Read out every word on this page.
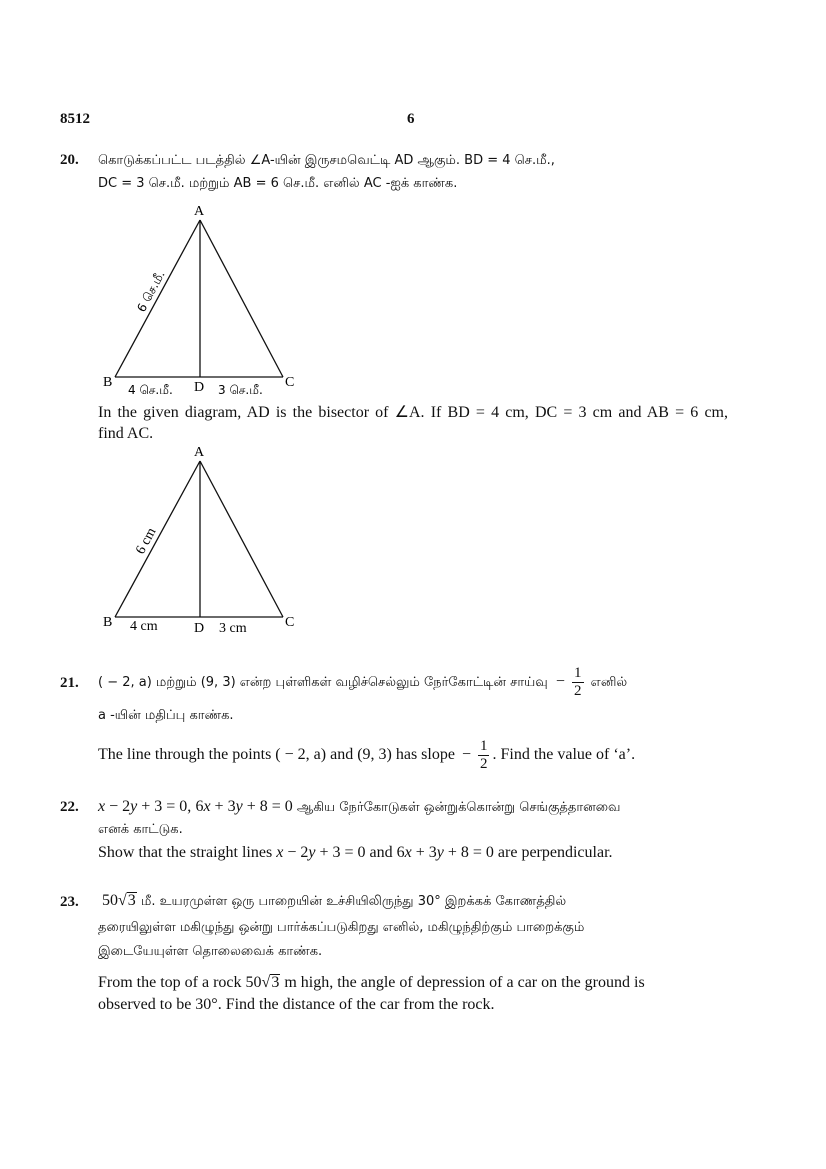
8512	6
20. கொடுக்கப்பட்ட படத்தில் ∠A-யின் இருசமவெட்டி AD ஆகும். BD = 4 செ.மீ.,
DC = 3 செ.மீ. மற்றும் AB = 6 செ.மீ. எனில் AC -ஐக் காண்க.
A
B	C
D
4 செ.மீ.	3 செ.மீ.
6 செ.மீ.
In the given diagram, AD is the bisector of ∠A. If BD = 4 cm, DC = 3 cm and AB = 6 cm,
find AC.
A
B	C
D
4 cm	3 cm
6 cm
21. ( − 2, a) மற்றும் (9, 3) என்ற புள்ளிகள் வழிச்செல்லும் நேர்கோட்டின் சாய்வு − $\frac{1}{2}$ எனில்
a -யின் மதிப்பு காண்க.
The line through the points ( − 2, a) and (9, 3) has slope − $\frac{1}{2}$ . Find the value of ‘a’.
22. x − 2y + 3 = 0, 6x + 3y + 8 = 0 ஆகிய நேர்கோடுகள் ஒன்றுக்கொன்று செங்குத்தானவை
எனக் காட்டுக.
Show that the straight lines x − 2y + 3 = 0 and 6x + 3y + 8 = 0 are perpendicular.
23. 50√3 மீ. உயரமுள்ள ஒரு பாறையின் உச்சியிலிருந்து 30° இறக்கக் கோணத்தில்
தரையிலுள்ள மகிழுந்து ஒன்று பார்க்கப்படுகிறது எனில், மகிழுந்திற்கும் பாறைக்கும்
இடையேயுள்ள தொலைவைக் காண்க.
From the top of a rock 50√3 m high, the angle of depression of a car on the ground is
observed to be 30°. Find the distance of the car from the rock.
